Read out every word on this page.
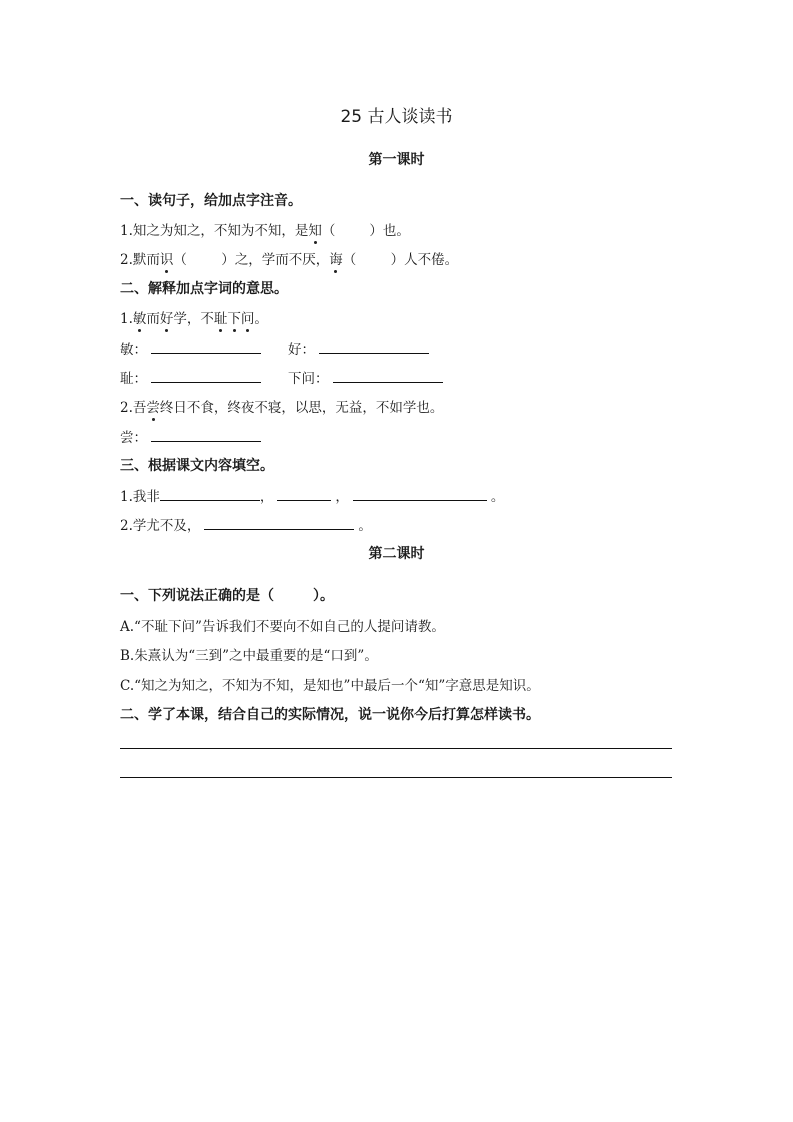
25 古人谈读书
第一课时
一、读句子，给加点字注音。
1.知之为知之，不知为不知，是知（	）也。
2.默而识（        ）之，学而不厌，诲（        ）人不倦。
二、解释加点字词的意思。
1.敏而好学，不耻下问。
敏：	好：
耻：	下问：
2.吾尝终日不食，终夜不寝，以思，无益，不如学也。
尝：
三、根据课文内容填空。
1.我非	，	，	。
2.学尤不及，	。
第二课时
一、下列说法正确的是（        ）。
A.“不耻下问”告诉我们不要向不如自己的人提问请教。
B.朱熹认为“三到”之中最重要的是“口到”。
C.“知之为知之，不知为不知，是知也”中最后一个“知”字意思是知识。
二、学了本课，结合自己的实际情况，说一说你今后打算怎样读书。
